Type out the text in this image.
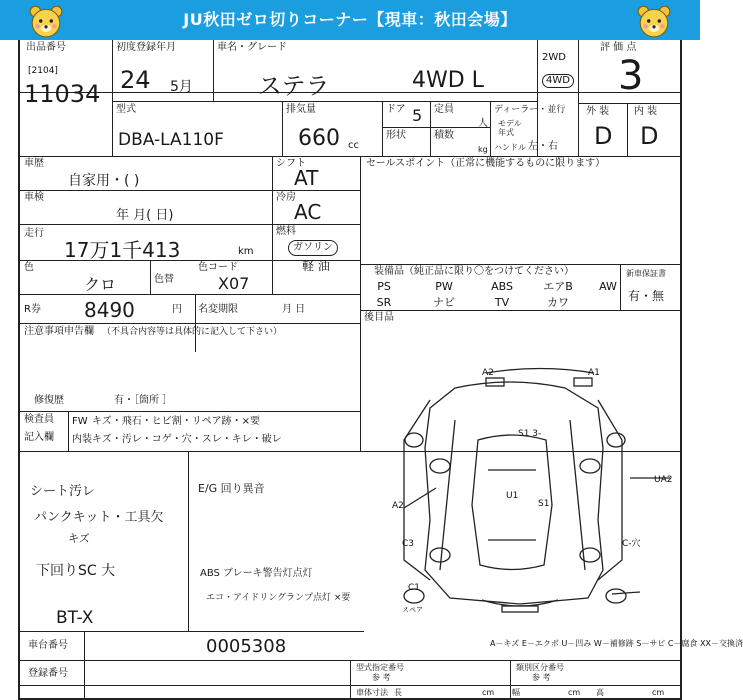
JU秋田ゼロ切りコーナー【現車：秋田会場】
出品番号
[2104]
11034
初度登録年月
24 5月
車名・グレード
ステラ	4WD L
2WD
4WD
評 価 点
3
型式
DBA-LA110F
排気量
660 cc
ドア 5 定員
人
形状	積数
kg
ディーラー・並行
モデル
年式
ハンドル 左・右
外 装 内 装
D D
車歴
自家用・( )
シフト
AT
車検
年 月( 日)
冷房
AC
走行
17万1千413	km
燃料
ガソリン
軽 油
色
クロ	色替
色コード
X07
R券 8490	円 名変期限	月 日
注意事項申告欄 （不具合内容等は具体的に記入して下さい）
修復歴	有・［箇所 ］
セールスポイント（正常に機能するものに限ります）
装備品（純正品に限り〇をつけてください）	新車保証書
有・無
後目品
PS	PW	ABS	エアB	AW
SR	ナビ	TV	カワ
検査員
記入欄
FW キズ・飛石・ヒビ割・リペア跡・×要
内装 キズ・汚レ・コゲ・穴・スレ・キレ・破レ
シート汚レ
パンクキット・工具欠
キズ
下回りSC 大
BT-X
E/G 回り異音
ABS ブレーキ警告灯点灯
エコ・アイドリングランプ点灯 ×要
A－キズ E－エクボ U－凹み W－補修跡 S－サビ C－腐食 XX－交換済
車台番号	0005308
登録番号
型式指定番号
参 考
類別区分番号
参 考
車体寸法 長	cm 幅	cm 高	cm
A2	A1
S1 3-
U1
S1
A2
C3
C1
C-穴
UA2
スペア
